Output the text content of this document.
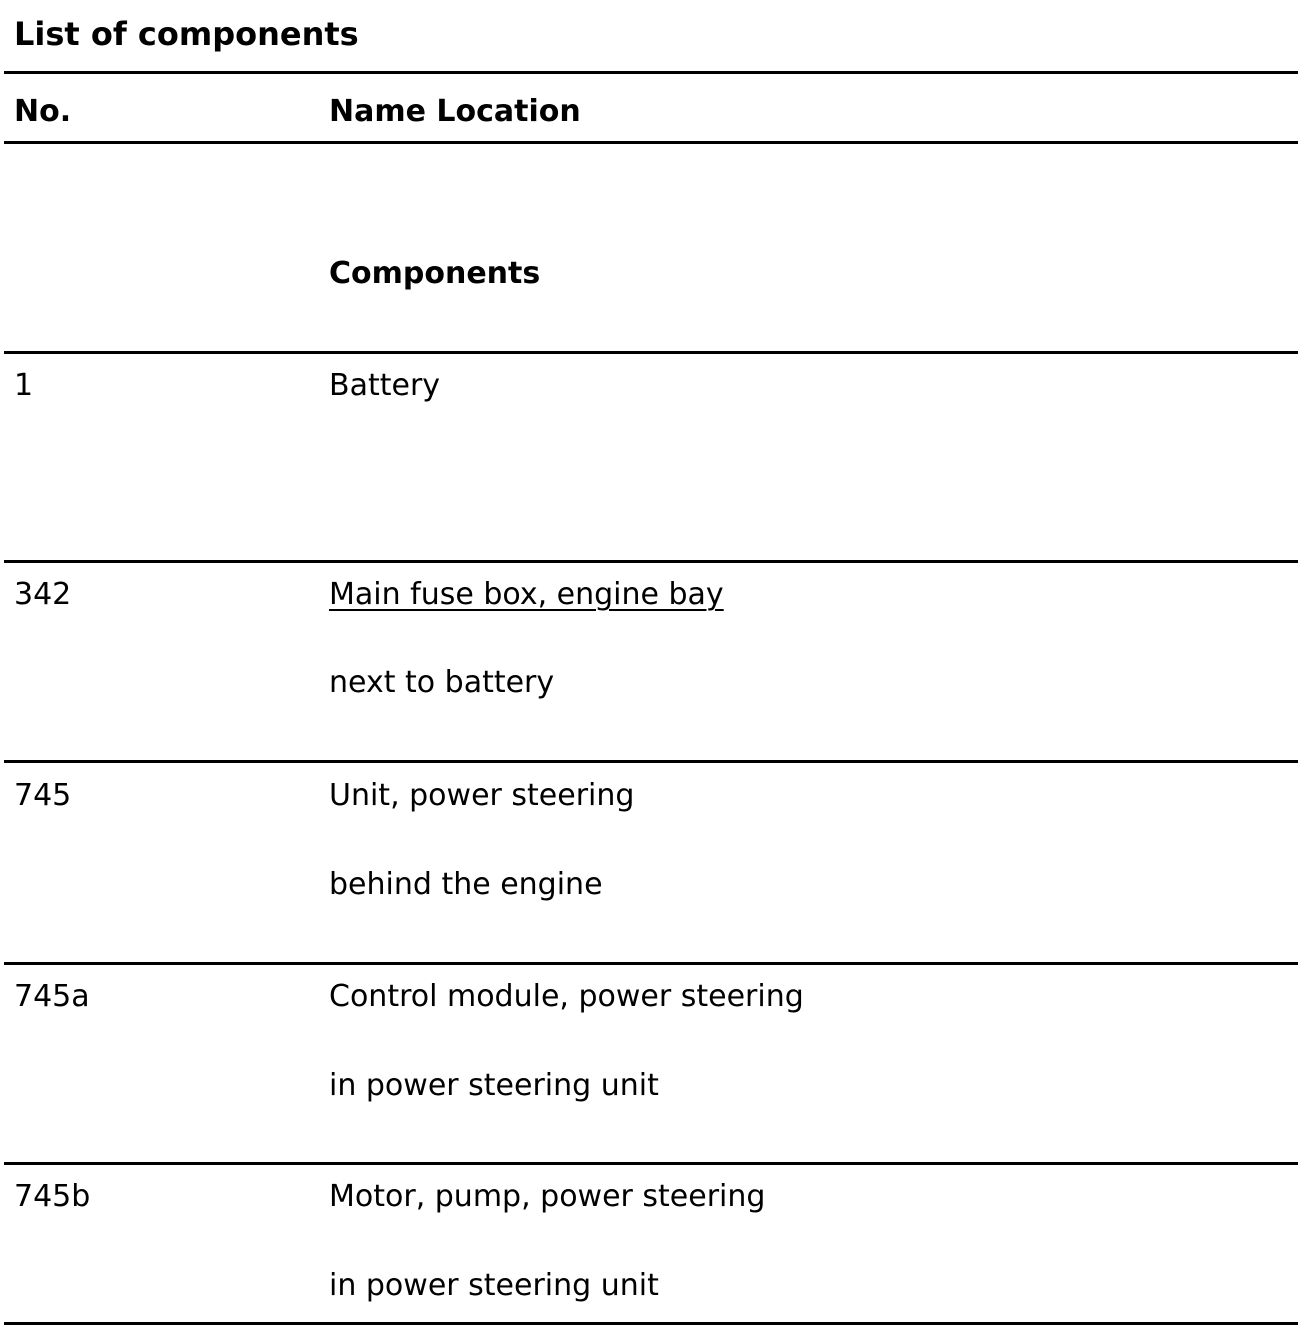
List of components
No.	Name Location
Components
1	Battery
342	Main fuse box, engine bay
next to battery
745	Unit, power steering
behind the engine
745a	Control module, power steering
in power steering unit
745b	Motor, pump, power steering
in power steering unit
